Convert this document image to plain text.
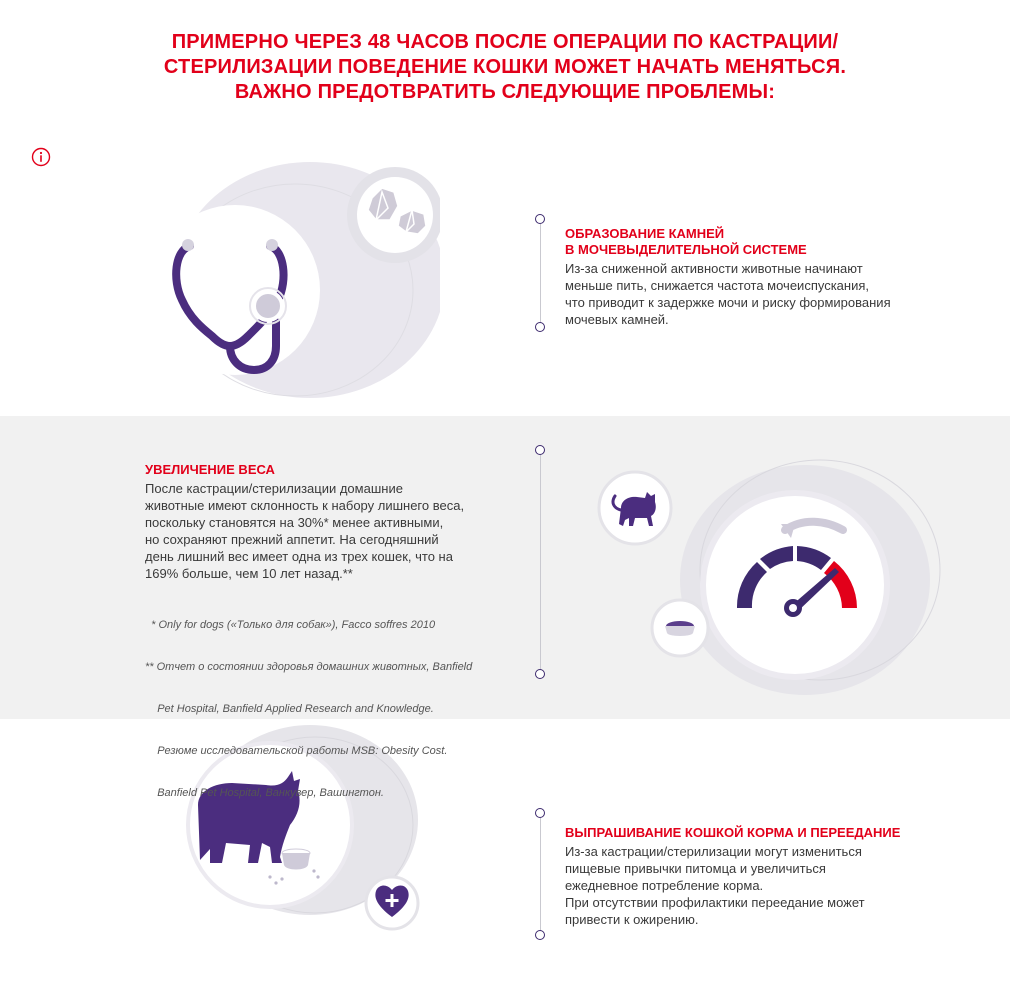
ПРИМЕРНО ЧЕРЕЗ 48 ЧАСОВ ПОСЛЕ ОПЕРАЦИИ ПО КАСТРАЦИИ/
СТЕРИЛИЗАЦИИ ПОВЕДЕНИЕ КОШКИ МОЖЕТ НАЧАТЬ МЕНЯТЬСЯ.
ВАЖНО ПРЕДОТВРАТИТЬ СЛЕДУЮЩИЕ ПРОБЛЕМЫ:
ОБРАЗОВАНИЕ КАМНЕЙ
В МОЧЕВЫДЕЛИТЕЛЬНОЙ СИСТЕМЕ
Из-за сниженной активности животные начинают
меньше пить, снижается частота мочеиспускания,
что приводит к задержке мочи и риску формирования
мочевых камней.
УВЕЛИЧЕНИЕ ВЕСА
После кастрации/стерилизации домашние
животные имеют склонность к набору лишнего веса,
поскольку становятся на 30%* менее активными,
но сохраняют прежний аппетит. На сегодняшний
день лишний вес имеет одна из трех кошек, что на
169% больше, чем 10 лет назад.**

* Only for dogs («Только для собак»), Facco soffres 2010

** Отчет о состоянии здоровья домашних животных, Banfield

Pet Hospital, Banfield Applied Research and Knowledge.

Резюме исследовательской работы MSB: Obesity Cost.

Banfield Pet Hospital, Ванкувер, Вашингтон.

ВЫПРАШИВАНИЕ КОШКОЙ КОРМА И ПЕРЕЕДАНИЕ
Из-за кастрации/стерилизации могут измениться
пищевые привычки питомца и увеличиться
ежедневное потребление корма.
При отсутствии профилактики переедание может
привести к ожирению.
